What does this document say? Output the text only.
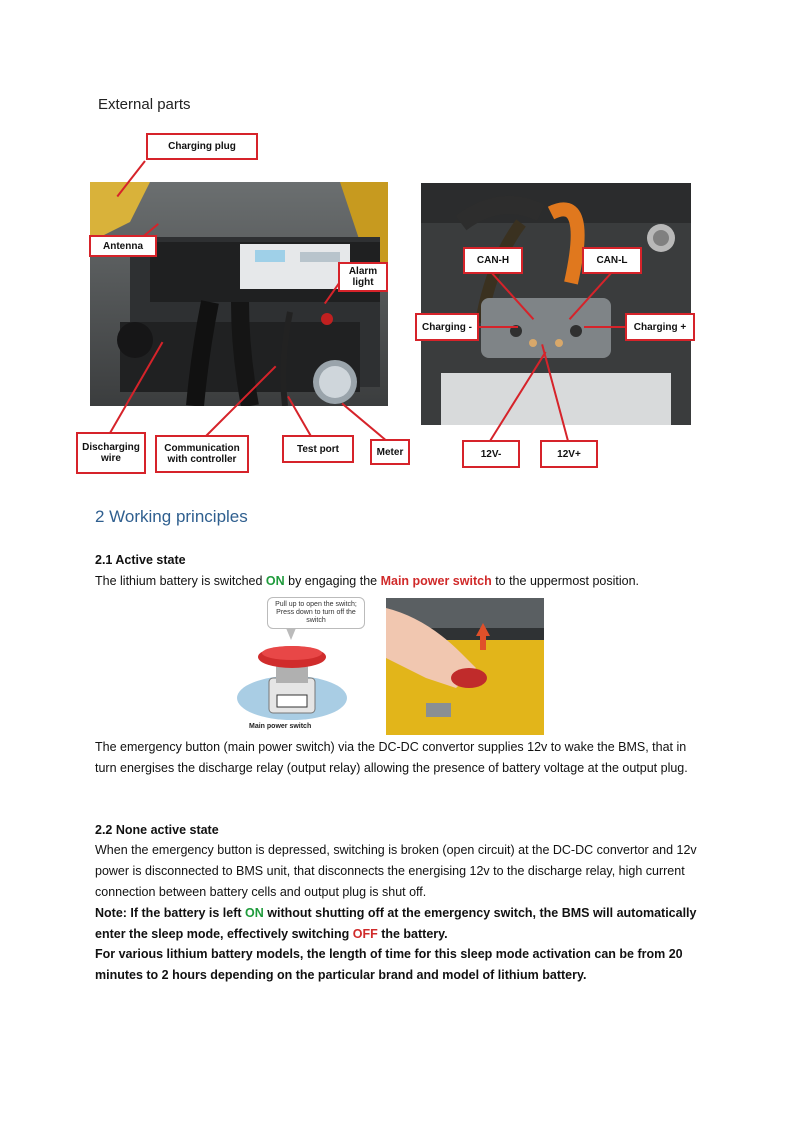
External parts
Charging plug
Antenna
Alarm light
Discharging wire
Communication with controller
Test port	Meter
CAN-H	CAN-L
Charging -	Charging +
12V-	12V+
2 Working principles
2.1 Active state
The lithium battery is switched ON by engaging the Main power switch to the uppermost position.
Pull up to open the switch; Press down to turn off the switch
Main power switch
The emergency button (main power switch) via the DC-DC convertor supplies 12v to wake the BMS, that in turn energises the discharge relay (output relay) allowing the presence of battery voltage at the output plug.
2.2 None active state
When the emergency button is depressed, switching is broken (open circuit) at the DC-DC convertor and 12v power is disconnected to BMS unit, that disconnects the energising 12v to the discharge relay, high current connection between battery cells and output plug is shut off.
Note: If the battery is left ON without shutting off at the emergency switch, the BMS will automatically enter the sleep mode, effectively switching OFF the battery.
For various lithium battery models, the length of time for this sleep mode activation can be from 20 minutes to 2 hours depending on the particular brand and model of lithium battery.
